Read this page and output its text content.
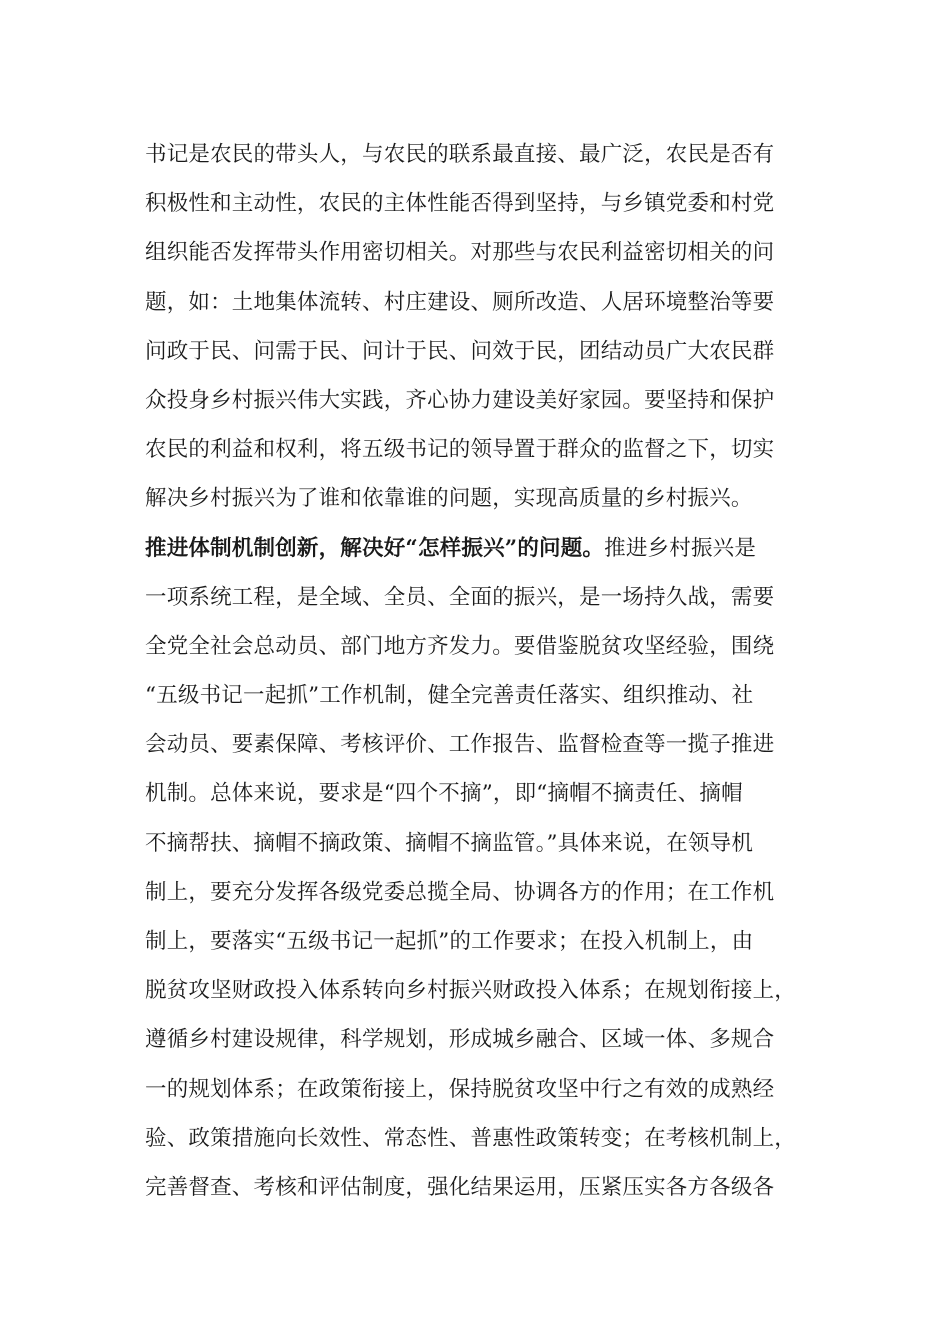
书记是农民的带头人，与农民的联系最直接、最广泛，农民是否有
积极性和主动性，农民的主体性能否得到坚持，与乡镇党委和村党
组织能否发挥带头作用密切相关。对那些与农民利益密切相关的问
题，如：土地集体流转、村庄建设、厕所改造、人居环境整治等要
问政于民、问需于民、问计于民、问效于民，团结动员广大农民群
众投身乡村振兴伟大实践，齐心协力建设美好家园。要坚持和保护
农民的利益和权利，将五级书记的领导置于群众的监督之下，切实
解决乡村振兴为了谁和依靠谁的问题，实现高质量的乡村振兴。
推进体制机制创新，解决好“怎样振兴”的问题。推进乡村振兴是
一项系统工程，是全域、全员、全面的振兴，是一场持久战，需要
全党全社会总动员、部门地方齐发力。要借鉴脱贫攻坚经验，围绕
“五级书记一起抓”工作机制，健全完善责任落实、组织推动、社
会动员、要素保障、考核评价、工作报告、监督检查等一揽子推进
机制。总体来说，要求是“四个不摘”，即“摘帽不摘责任、摘帽
不摘帮扶、摘帽不摘政策、摘帽不摘监管。”具体来说，在领导机
制上，要充分发挥各级党委总揽全局、协调各方的作用；在工作机
制上，要落实“五级书记一起抓”的工作要求；在投入机制上，由
脱贫攻坚财政投入体系转向乡村振兴财政投入体系；在规划衔接上，
遵循乡村建设规律，科学规划，形成城乡融合、区域一体、多规合
一的规划体系；在政策衔接上，保持脱贫攻坚中行之有效的成熟经
验、政策措施向长效性、常态性、普惠性政策转变；在考核机制上，
完善督查、考核和评估制度，强化结果运用，压紧压实各方各级各
